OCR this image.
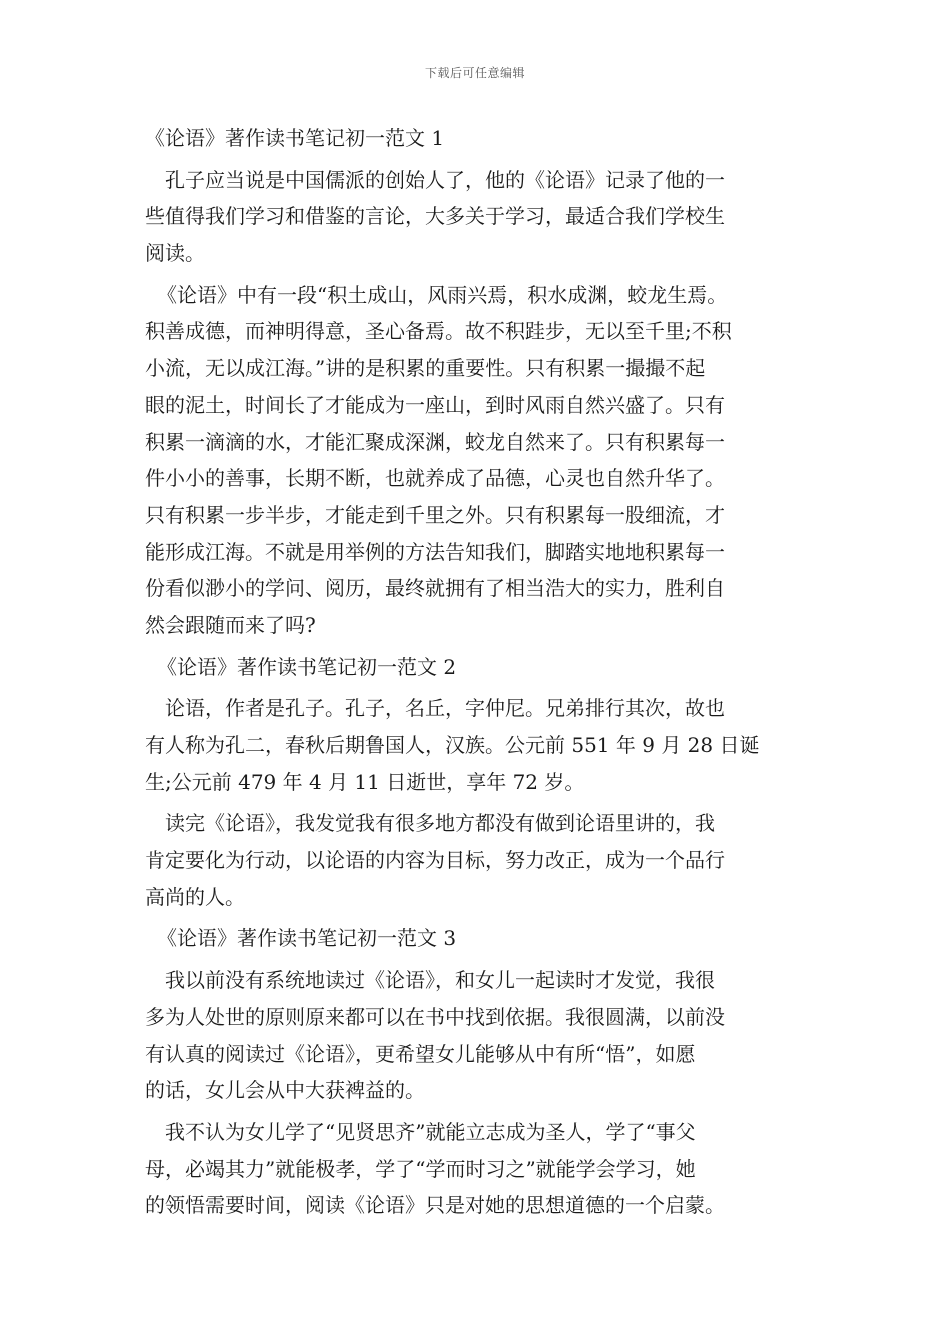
下载后可任意编辑
《论语》著作读书笔记初一范文 1
孔子应当说是中国儒派的创始人了，他的《论语》记录了他的一
些值得我们学习和借鉴的言论，大多关于学习，最适合我们学校生
阅读。
《论语》中有一段“积土成山，风雨兴焉，积水成渊，蛟龙生焉。
积善成德，而神明得意，圣心备焉。故不积跬步，无以至千里;不积
小流，无以成江海。”讲的是积累的重要性。只有积累一撮撮不起
眼的泥土，时间长了才能成为一座山，到时风雨自然兴盛了。只有
积累一滴滴的水，才能汇聚成深渊，蛟龙自然来了。只有积累每一
件小小的善事，长期不断，也就养成了品德，心灵也自然升华了。
只有积累一步半步，才能走到千里之外。只有积累每一股细流，才
能形成江海。不就是用举例的方法告知我们，脚踏实地地积累每一
份看似渺小的学问、阅历，最终就拥有了相当浩大的实力，胜利自
然会跟随而来了吗?
《论语》著作读书笔记初一范文 2
论语，作者是孔子。孔子，名丘，字仲尼。兄弟排行其次，故也
有人称为孔二，春秋后期鲁国人，汉族。公元前 551 年 9 月 28 日诞
生;公元前 479 年 4 月 11 日逝世，享年 72 岁。
读完《论语》，我发觉我有很多地方都没有做到论语里讲的，我
肯定要化为行动，以论语的内容为目标，努力改正，成为一个品行
高尚的人。
《论语》著作读书笔记初一范文 3
我以前没有系统地读过《论语》，和女儿一起读时才发觉，我很
多为人处世的原则原来都可以在书中找到依据。我很圆满，以前没
有认真的阅读过《论语》，更希望女儿能够从中有所“悟”，如愿
的话，女儿会从中大获裨益的。
我不认为女儿学了“见贤思齐”就能立志成为圣人，学了“事父
母，必竭其力”就能极孝，学了“学而时习之”就能学会学习，她
的领悟需要时间，阅读《论语》只是对她的思想道德的一个启蒙。
